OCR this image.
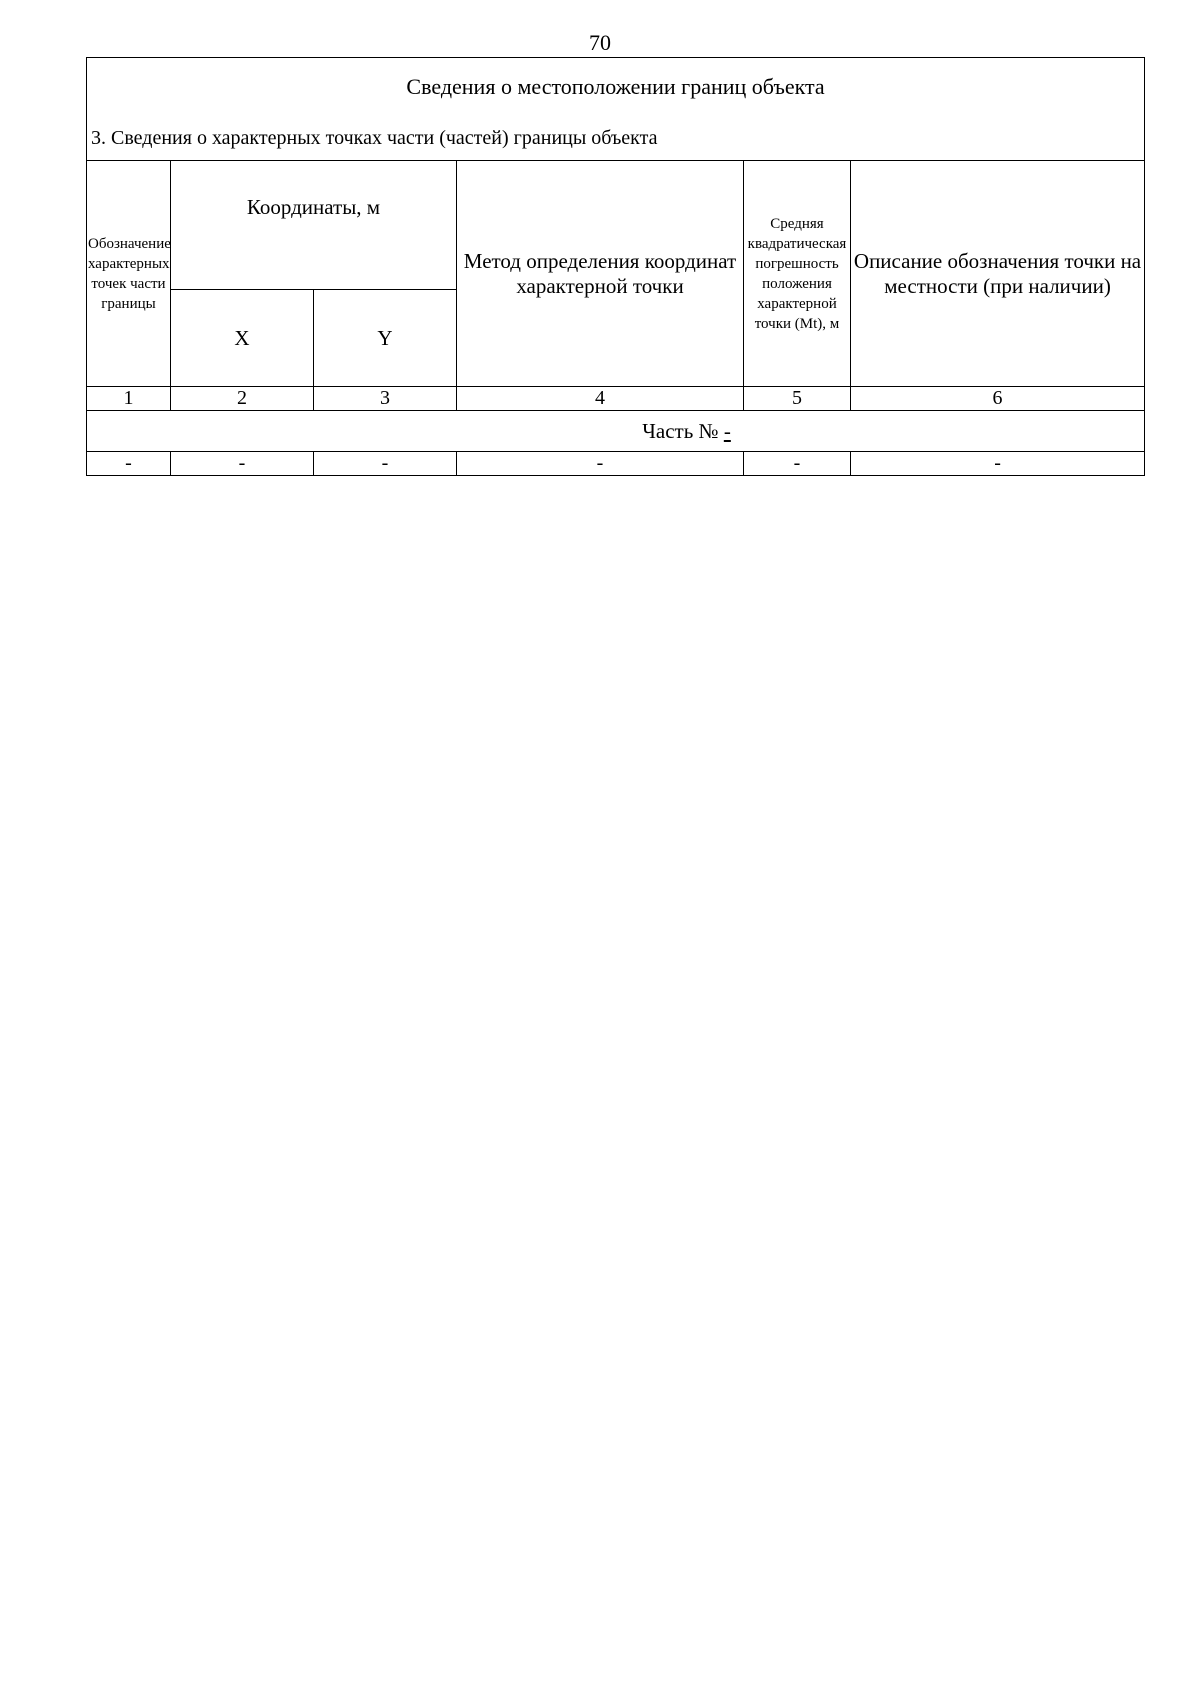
70
Сведения о местоположении границ объекта					
3. Сведения о характерных точках части (частей) границы объекта					
Обозначение характерных точек части границы	Координаты, м		Метод определения координат характерной точки	Средняя квадратическая погрешность положения характерной точки (Mt), м	Описание обозначения точки на местности (при наличии)
	X	Y			
1	2	3	4	5	6
Часть № -					
-	-	-	-	-	-
